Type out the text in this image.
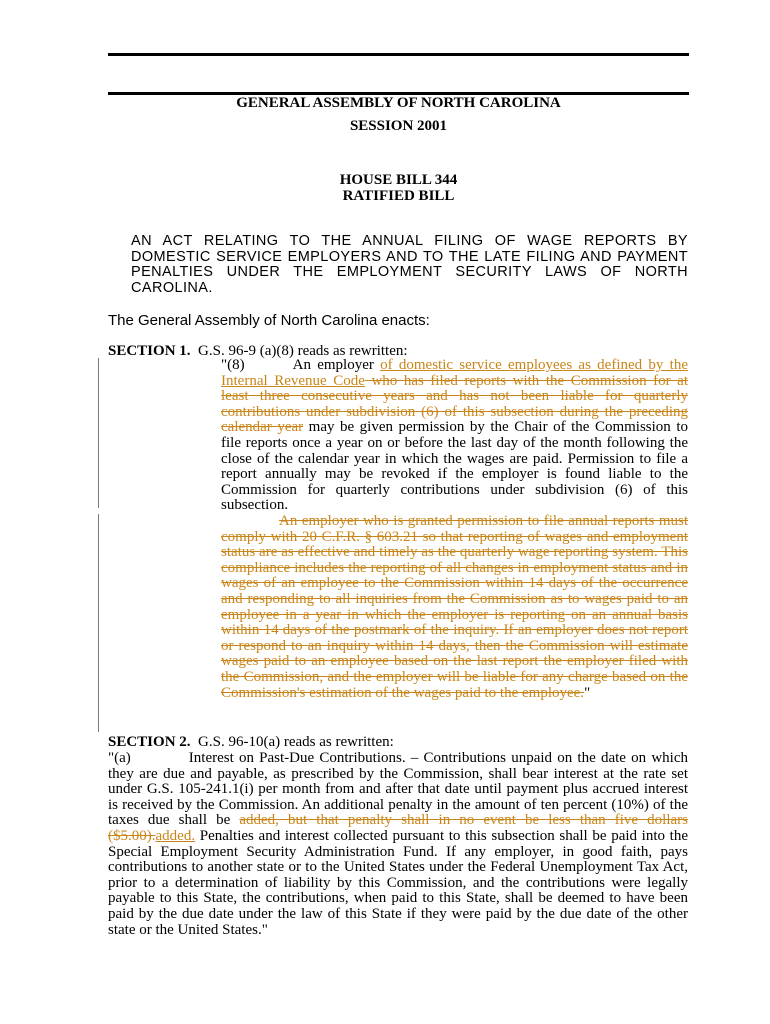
GENERAL ASSEMBLY OF NORTH CAROLINA
SESSION 2001
HOUSE BILL 344
RATIFIED BILL
AN ACT RELATING TO THE ANNUAL FILING OF WAGE REPORTS BY DOMESTIC SERVICE EMPLOYERS AND TO THE LATE FILING AND PAYMENT PENALTIES UNDER THE EMPLOYMENT SECURITY LAWS OF NORTH CAROLINA.
The General Assembly of North Carolina enacts:
SECTION 1. G.S. 96-9 (a)(8) reads as rewritten:
"(8)	An employer of domestic service employees as defined by the Internal Revenue Code who has filed reports with the Commission for at least three consecutive years and has not been liable for quarterly contributions under subdivision (6) of this subsection during the preceding calendar year may be given permission by the Chair of the Commission to file reports once a year on or before the last day of the month following the close of the calendar year in which the wages are paid. Permission to file a report annually may be revoked if the employer is found liable to the Commission for quarterly contributions under subdivision (6) of this subsection.
An employer who is granted permission to file annual reports must comply with 20 C.F.R. § 603.21 so that reporting of wages and employment status are as effective and timely as the quarterly wage reporting system. This compliance includes the reporting of all changes in employment status and in wages of an employee to the Commission within 14 days of the occurrence and responding to all inquiries from the Commission as to wages paid to an employee in a year in which the employer is reporting on an annual basis within 14 days of the postmark of the inquiry. If an employer does not report or respond to an inquiry within 14 days, then the Commission will estimate wages paid to an employee based on the last report the employer filed with the Commission, and the employer will be liable for any charge based on the Commission's estimation of the wages paid to the employee."
SECTION 2. G.S. 96-10(a) reads as rewritten:
"(a)	Interest on Past-Due Contributions. – Contributions unpaid on the date on which they are due and payable, as prescribed by the Commission, shall bear interest at the rate set under G.S. 105-241.1(i) per month from and after that date until payment plus accrued interest is received by the Commission. An additional penalty in the amount of ten percent (10%) of the taxes due shall be added, but that penalty shall in no event be less than five dollars ($5.00).added. Penalties and interest collected pursuant to this subsection shall be paid into the Special Employment Security Administration Fund. If any employer, in good faith, pays contributions to another state or to the United States under the Federal Unemployment Tax Act, prior to a determination of liability by this Commission, and the contributions were legally payable to this State, the contributions, when paid to this State, shall be deemed to have been paid by the due date under the law of this State if they were paid by the due date of the other state or the United States."
